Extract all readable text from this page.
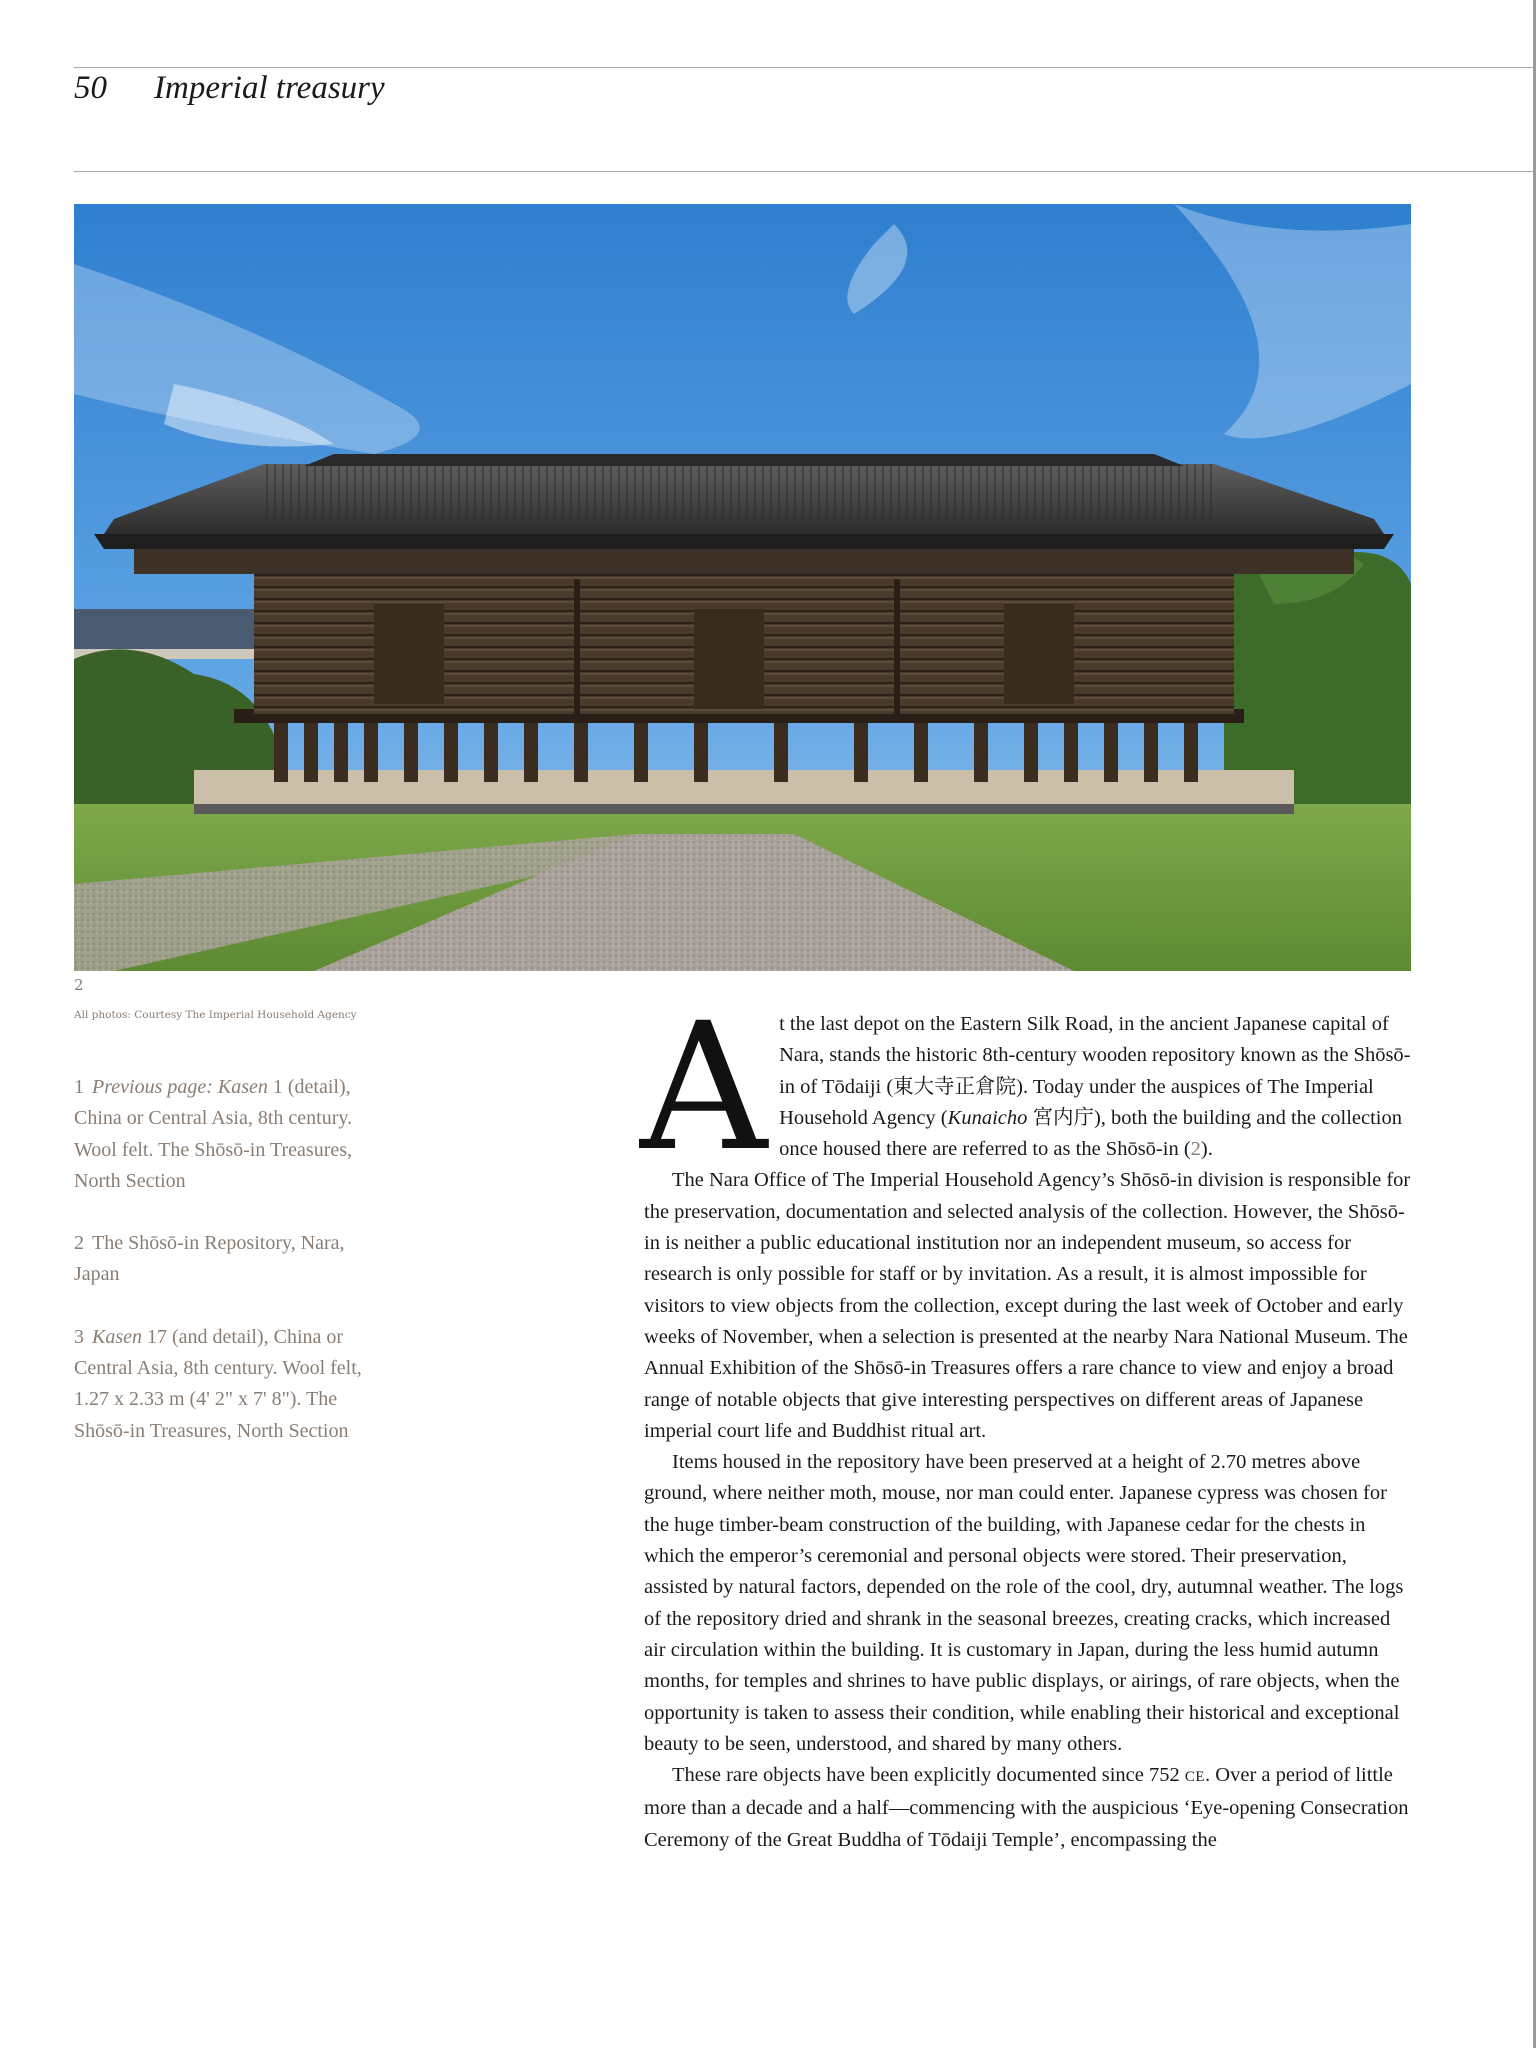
50 Imperial treasury
2
All photos: Courtesy The Imperial Household Agency

1 Previous page: Kasen 1 (detail), China or Central Asia, 8th century. Wool felt. The Shōsō-in Treasures, North Section

2 The Shōsō-in Repository, Nara, Japan

3 Kasen 17 (and detail), China or Central Asia, 8th century. Wool felt, 1.27 x 2.33 m (4' 2" x 7' 8"). The Shōsō-in Treasures, North Section

At the last depot on the Eastern Silk Road, in the ancient Japanese capital of Nara, stands the historic 8th-century wooden repository known as the Shōsō-in of Tōdaiji (東大寺正倉院). Today under the auspices of The Imperial Household Agency (Kunaicho 宮内庁), both the building and the collection once housed there are referred to as the Shōsō-in (2).

The Nara Office of The Imperial Household Agency’s Shōsō-in division is responsible for the preservation, documentation and selected analysis of the collection. However, the Shōsō-in is neither a public educational institution nor an independent museum, so access for research is only possible for staff or by invitation. As a result, it is almost impossible for visitors to view objects from the collection, except during the last week of October and early weeks of November, when a selection is presented at the nearby Nara National Museum. The Annual Exhibition of the Shōsō-in Treasures offers a rare chance to view and enjoy a broad range of notable objects that give interesting perspectives on different areas of Japanese imperial court life and Buddhist ritual art.

Items housed in the repository have been preserved at a height of 2.70 metres above ground, where neither moth, mouse, nor man could enter. Japanese cypress was chosen for the huge timber-beam construction of the building, with Japanese cedar for the chests in which the emperor’s ceremonial and personal objects were stored. Their preservation, assisted by natural factors, depended on the role of the cool, dry, autumnal weather. The logs of the repository dried and shrank in the seasonal breezes, creating cracks, which increased air circulation within the building. It is customary in Japan, during the less humid autumn months, for temples and shrines to have public displays, or airings, of rare objects, when the opportunity is taken to assess their condition, while enabling their historical and exceptional beauty to be seen, understood, and shared by many others.

These rare objects have been explicitly documented since 752 CE. Over a period of little more than a decade and a half—commencing with the auspicious ‘Eye-opening Consecration Ceremony of the Great Buddha of Tōdaiji Temple’, encompassing the
